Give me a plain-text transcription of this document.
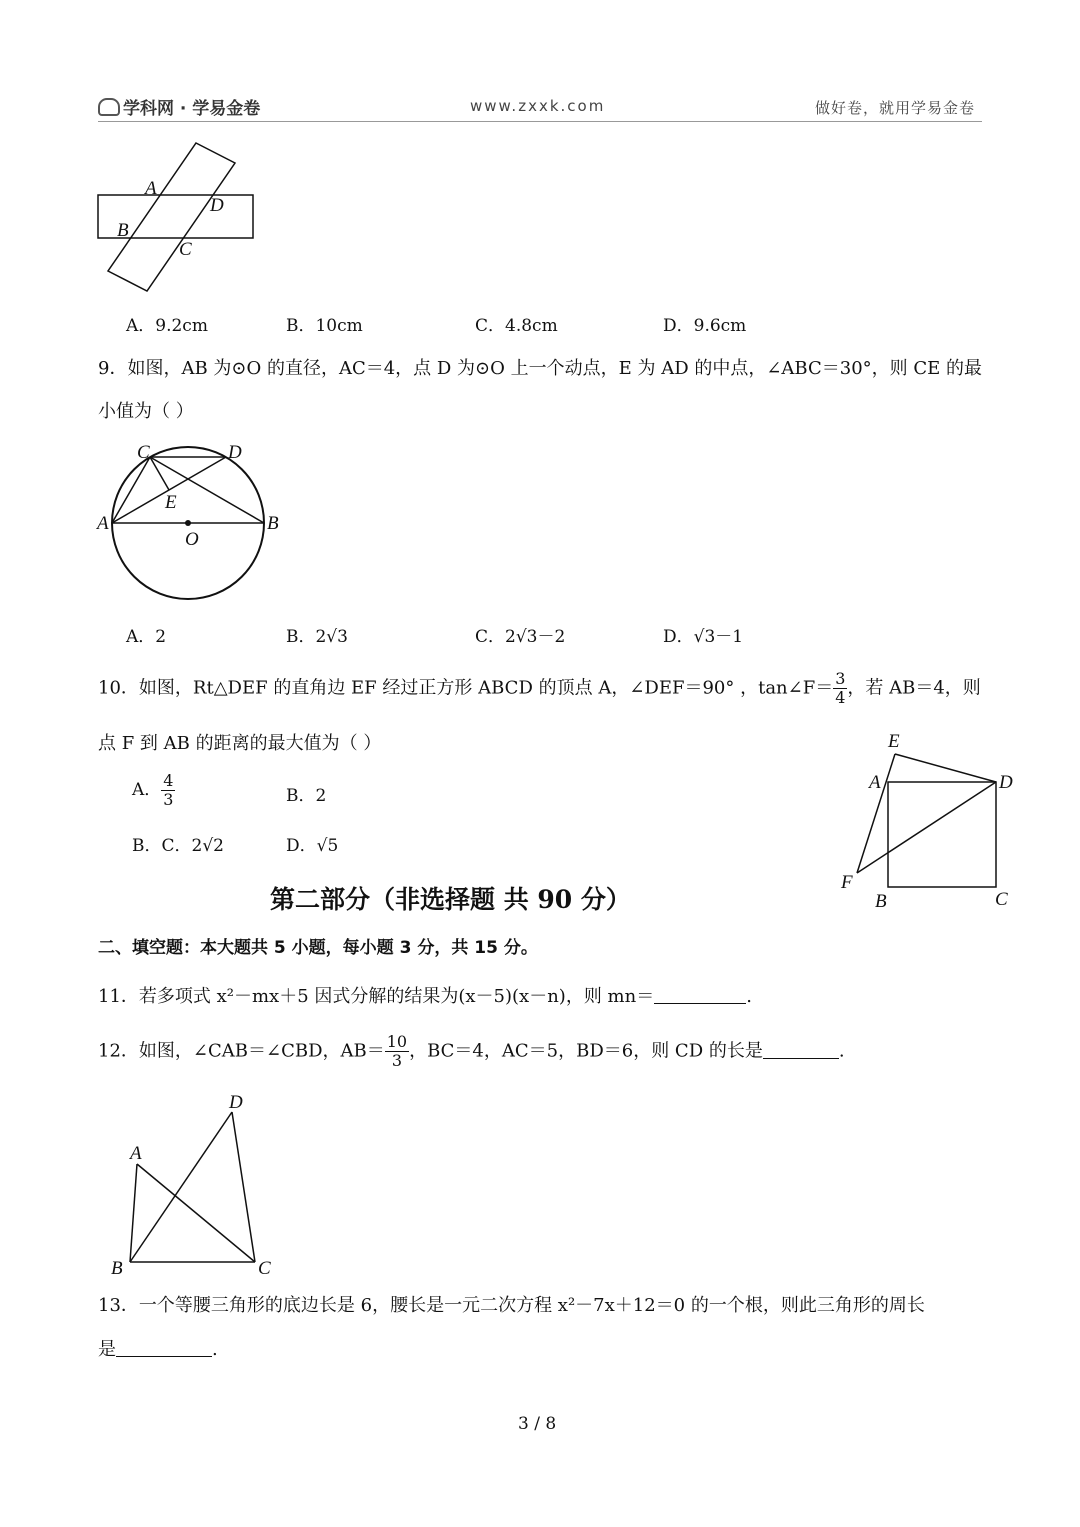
学科网 · 学易金卷	www.zxxk.com	做好卷，就用学易金卷
A
B
C
D
A．9.2cm	B．10cm	C．4.8cm	D．9.6cm
9．如图，AB 为⊙O 的直径，AC＝4，点 D 为⊙O 上一个动点，E 为 AD 的中点，∠ABC＝30°，则 CE 的最
小值为（ ）
C	D
E
A	B
O
A．2	B．2√3	C．2√3－2	D．√3－1
10．如图，Rt△DEF 的直角边 EF 经过正方形 ABCD 的顶点 A，∠DEF＝90° ，tan∠F＝ $\frac{3}{4}$ ，若 AB＝4，则
点 F 到 AB 的距离的最大值为（ ）
A． $\frac{4}{3}$	B．2
B．C．2√2	D．√5
E
A	D
F
B	C
第二部分（非选择题 共 90 分）
二、填空题：本大题共 5 小题，每小题 3 分，共 15 分。
11．若多项式 x²－mx＋5 因式分解的结果为(x－5)(x－n)，则 mn＝	.
12．如图，∠CAB＝∠CBD，$AB= \frac{10}{3}$ ，BC＝4，AC＝5，BD＝6，则 CD 的长是	.
D
A
B	C
13．一个等腰三角形的底边长是 6，腰长是一元二次方程 x²－7x＋12＝0 的一个根，则此三角形的周长
是	.
3 / 8
